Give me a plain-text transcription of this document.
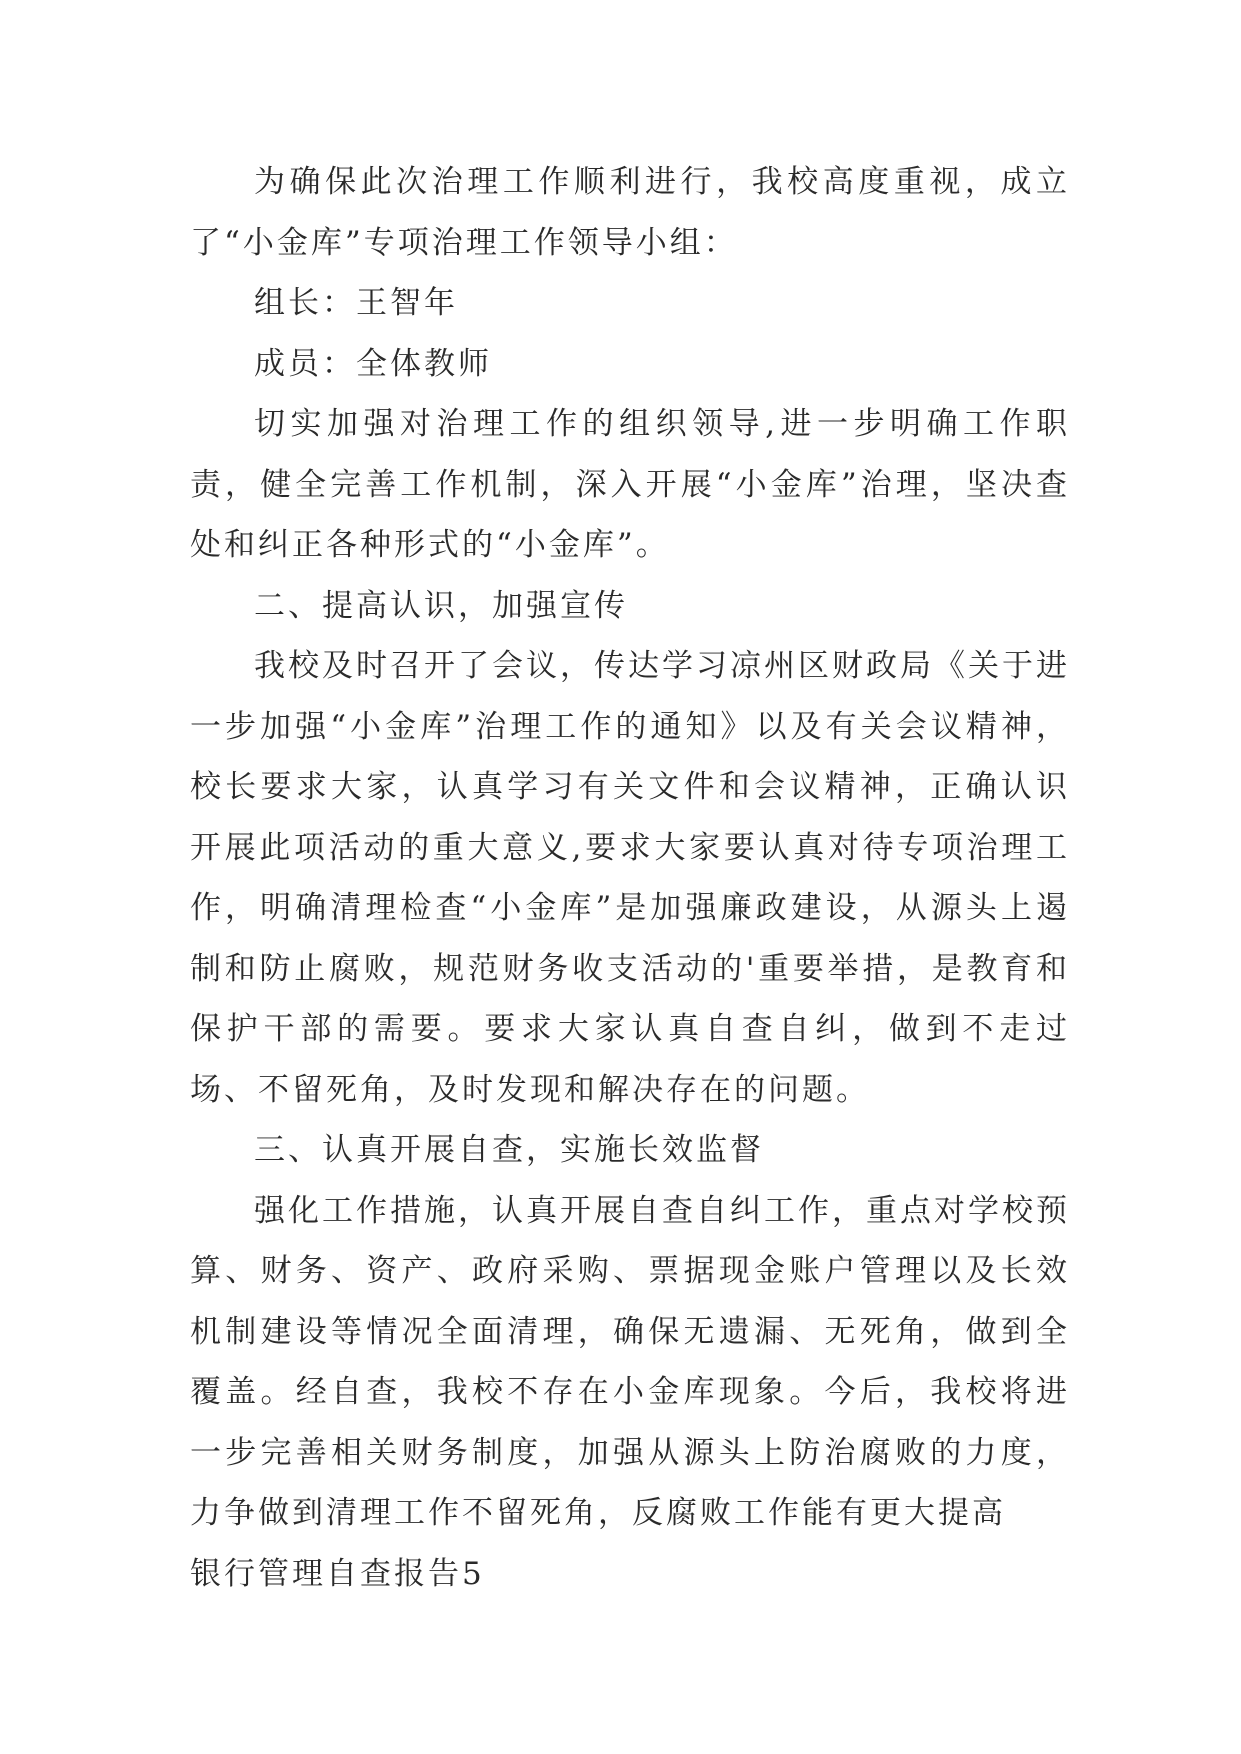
为确保此次治理工作顺利进行，我校高度重视，成立了“小金库”专项治理工作领导小组：

组长：王智年

成员：全体教师

切实加强对治理工作的组织领导,进一步明确工作职责，健全完善工作机制，深入开展“小金库”治理，坚决查处和纠正各种形式的“小金库”。

二、提高认识，加强宣传

我校及时召开了会议，传达学习凉州区财政局《关于进一步加强“小金库”治理工作的通知》以及有关会议精神，校长要求大家，认真学习有关文件和会议精神，正确认识开展此项活动的重大意义,要求大家要认真对待专项治理工作，明确清理检查“小金库”是加强廉政建设，从源头上遏制和防止腐败，规范财务收支活动的'重要举措，是教育和保护干部的需要。要求大家认真自查自纠，做到不走过场、不留死角，及时发现和解决存在的问题。

三、认真开展自查，实施长效监督

强化工作措施，认真开展自查自纠工作，重点对学校预算、财务、资产、政府采购、票据现金账户管理以及长效机制建设等情况全面清理，确保无遗漏、无死角，做到全覆盖。经自查，我校不存在小金库现象。今后，我校将进一步完善相关财务制度，加强从源头上防治腐败的力度，力争做到清理工作不留死角，反腐败工作能有更大提高

银行管理自查报告5
